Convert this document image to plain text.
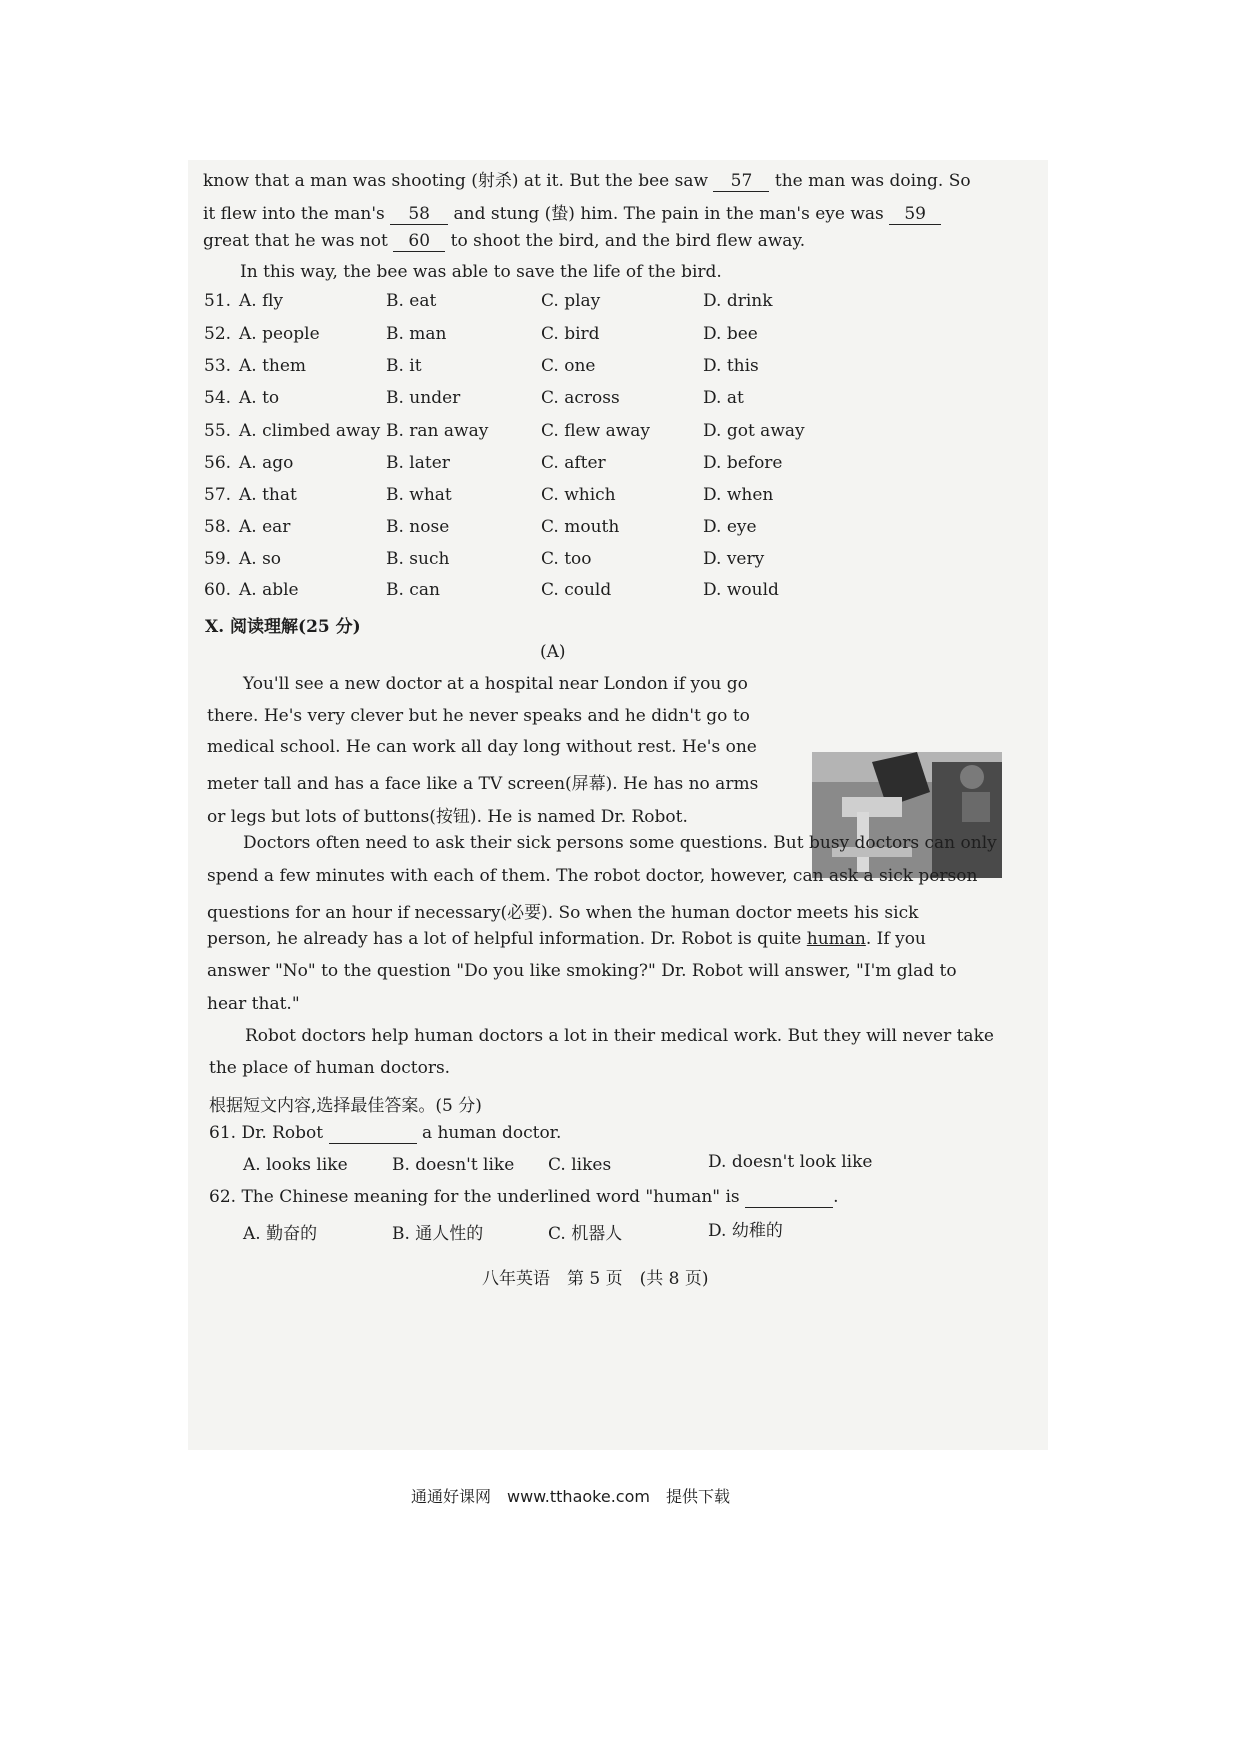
know that a man was shooting (射杀) at it. But the bee saw 57 the man was doing. So
it flew into the man's 58 and stung (蛰) him. The pain in the man's eye was 59
great that he was not 60 to shoot the bird, and the bird flew away.
In this way, the bee was able to save the life of the bird.
51. A. fly	B. eat	C. play	D. drink
52. A. people	B. man	C. bird	D. bee
53. A. them	B. it	C. one	D. this
54. A. to	B. under	C. across	D. at
55. A. climbed away B. ran away	C. flew away	D. got away
56. A. ago	B. later	C. after	D. before
57. A. that	B. what	C. which	D. when
58. A. ear	B. nose	C. mouth	D. eye
59. A. so	B. such	C. too	D. very
60. A. able	B. can	C. could	D. would
Ⅹ. 阅读理解(25 分)
(A)
You'll see a new doctor at a hospital near London if you go
there. He's very clever but he never speaks and he didn't go to
medical school. He can work all day long without rest. He's one
meter tall and has a face like a TV screen(屏幕). He has no arms
or legs but lots of buttons(按钮). He is named Dr. Robot.
Doctors often need to ask their sick persons some questions. But busy doctors can only
spend a few minutes with each of them. The robot doctor, however, can ask a sick person
questions for an hour if necessary(必要). So when the human doctor meets his sick
person, he already has a lot of helpful information. Dr. Robot is quite human. If you
answer "No" to the question "Do you like smoking?" Dr. Robot will answer, "I'm glad to
hear that."
Robot doctors help human doctors a lot in their medical work. But they will never take
the place of human doctors.
根据短文内容,选择最佳答案。(5 分)
61. Dr. Robot	a human doctor.
A. looks like	B. doesn't like C. likes	D. doesn't look like
62. The Chinese meaning for the underlined word "human" is	.
A. 勤奋的	B. 通人性的	C. 机器人	D. 幼稚的
八年英语　第 5 页　(共 8 页)
通通好课网　www.tthaoke.com　提供下载
